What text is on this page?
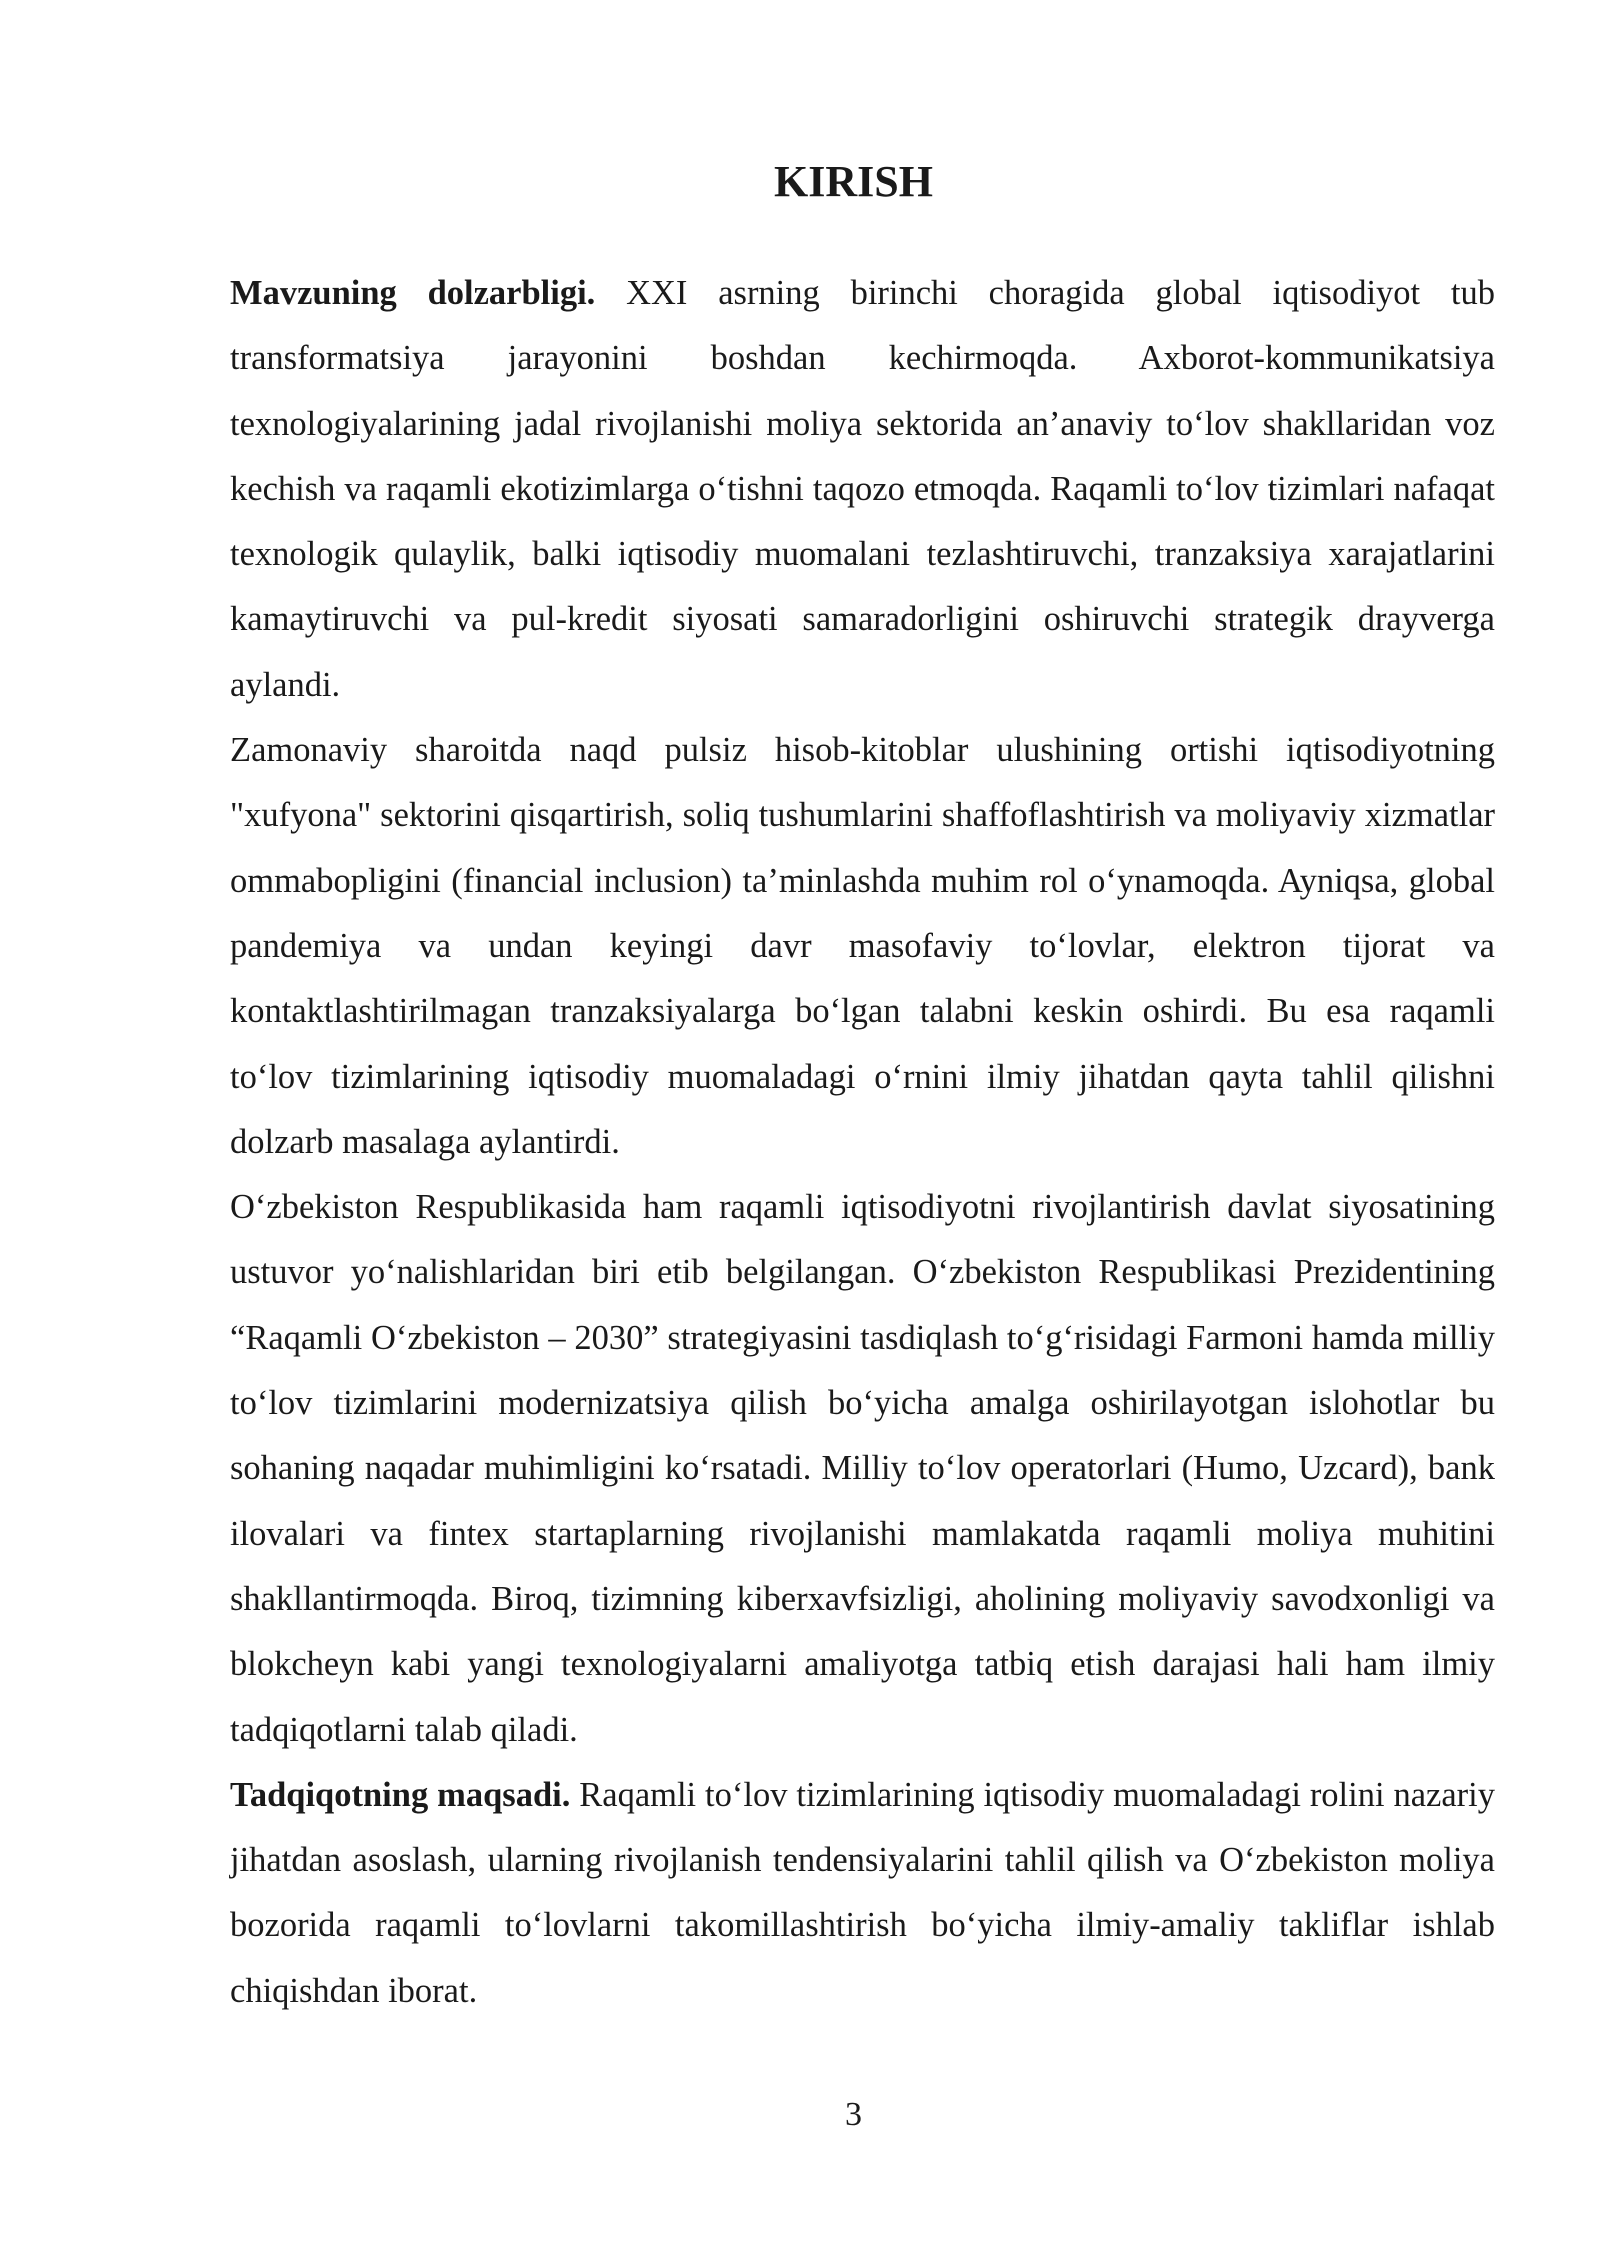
KIRISH

Mavzuning dolzarbligi. XXI asrning birinchi choragida global iqtisodiyot tub transformatsiya jarayonini boshdan kechirmoqda. Axborot-kommunikatsiya texnologiyalarining jadal rivojlanishi moliya sektorida an’anaviy to‘lov shakllaridan voz kechish va raqamli ekotizimlarga o‘tishni taqozo etmoqda. Raqamli to‘lov tizimlari nafaqat texnologik qulaylik, balki iqtisodiy muomalani tezlashtiruvchi, tranzaksiya xarajatlarini kamaytiruvchi va pul-kredit siyosati samaradorligini oshiruvchi strategik drayverga aylandi.

Zamonaviy sharoitda naqd pulsiz hisob-kitoblar ulushining ortishi iqtisodiyotning "xufyona" sektorini qisqartirish, soliq tushumlarini shaffoflashtirish va moliyaviy xizmatlar ommabopligini (financial inclusion) ta’minlashda muhim rol o‘ynamoqda. Ayniqsa, global pandemiya va undan keyingi davr masofaviy to‘lovlar, elektron tijorat va kontaktlashtirilmagan tranzaksiyalarga bo‘lgan talabni keskin oshirdi. Bu esa raqamli to‘lov tizimlarining iqtisodiy muomaladagi o‘rnini ilmiy jihatdan qayta tahlil qilishni dolzarb masalaga aylantirdi.

O‘zbekiston Respublikasida ham raqamli iqtisodiyotni rivojlantirish davlat siyosatining ustuvor yo‘nalishlaridan biri etib belgilangan. O‘zbekiston Respublikasi Prezidentining “Raqamli O‘zbekiston – 2030” strategiyasini tasdiqlash to‘g‘risidagi Farmoni hamda milliy to‘lov tizimlarini modernizatsiya qilish bo‘yicha amalga oshirilayotgan islohotlar bu sohaning naqadar muhimligini ko‘rsatadi. Milliy to‘lov operatorlari (Humo, Uzcard), bank ilovalari va fintex startaplarning rivojlanishi mamlakatda raqamli moliya muhitini shakllantirmoqda. Biroq, tizimning kiberxavfsizligi, aholining moliyaviy savodxonligi va blokcheyn kabi yangi texnologiyalarni amaliyotga tatbiq etish darajasi hali ham ilmiy tadqiqotlarni talab qiladi.

Tadqiqotning maqsadi. Raqamli to‘lov tizimlarining iqtisodiy muomaladagi rolini nazariy jihatdan asoslash, ularning rivojlanish tendensiyalarini tahlil qilish va O‘zbekiston moliya bozorida raqamli to‘lovlarni takomillashtirish bo‘yicha ilmiy-amaliy takliflar ishlab chiqishdan iborat.

3
